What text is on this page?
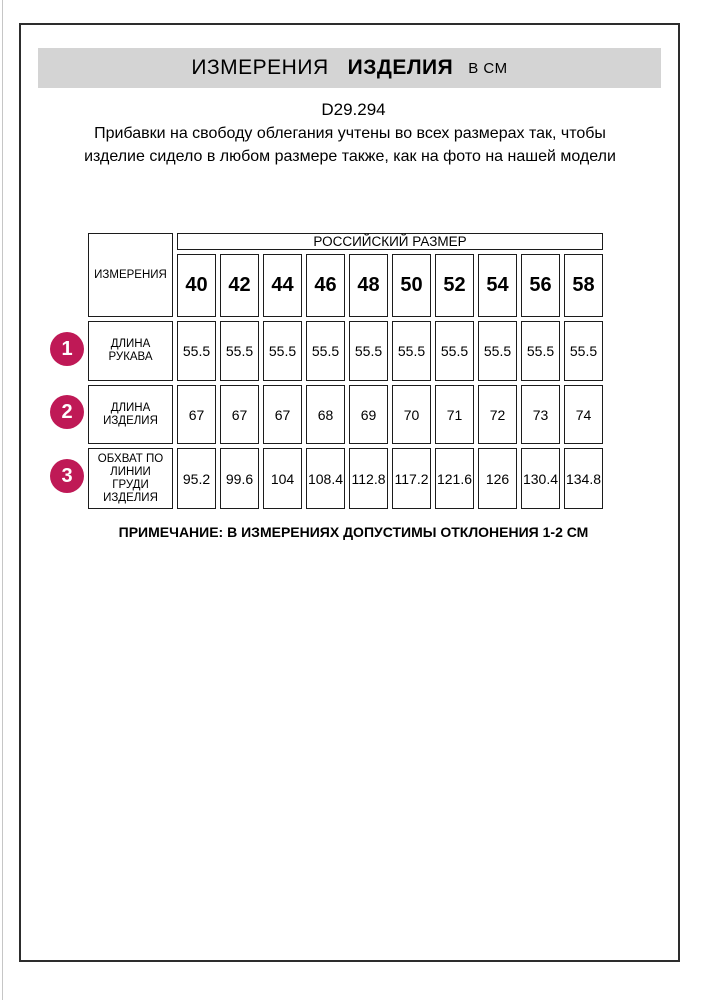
ИЗМЕРЕНИЯ ИЗДЕЛИЯ В СМ
D29.294
Прибавки на свободу облегания учтены во всех размерах так, чтобы изделие сидело в любом размере также, как на фото на нашей модели
ИЗМЕРЕНИЯ	РОССИЙСКИЙ РАЗМЕР									
	40	42	44	46	48	50	52	54	56	58
ДЛИНА РУКАВА	55.5	55.5	55.5	55.5	55.5	55.5	55.5	55.5	55.5	55.5
ДЛИНА ИЗДЕЛИЯ	67	67	67	68	69	70	71	72	73	74
ОБХВАТ ПО ЛИНИИ ГРУДИ ИЗДЕЛИЯ	95.2	99.6	104	108.4	112.8	117.2	121.6	126	130.4	134.8
1
2
3
ПРИМЕЧАНИЕ: В ИЗМЕРЕНИЯХ ДОПУСТИМЫ ОТКЛОНЕНИЯ 1-2 СМ
